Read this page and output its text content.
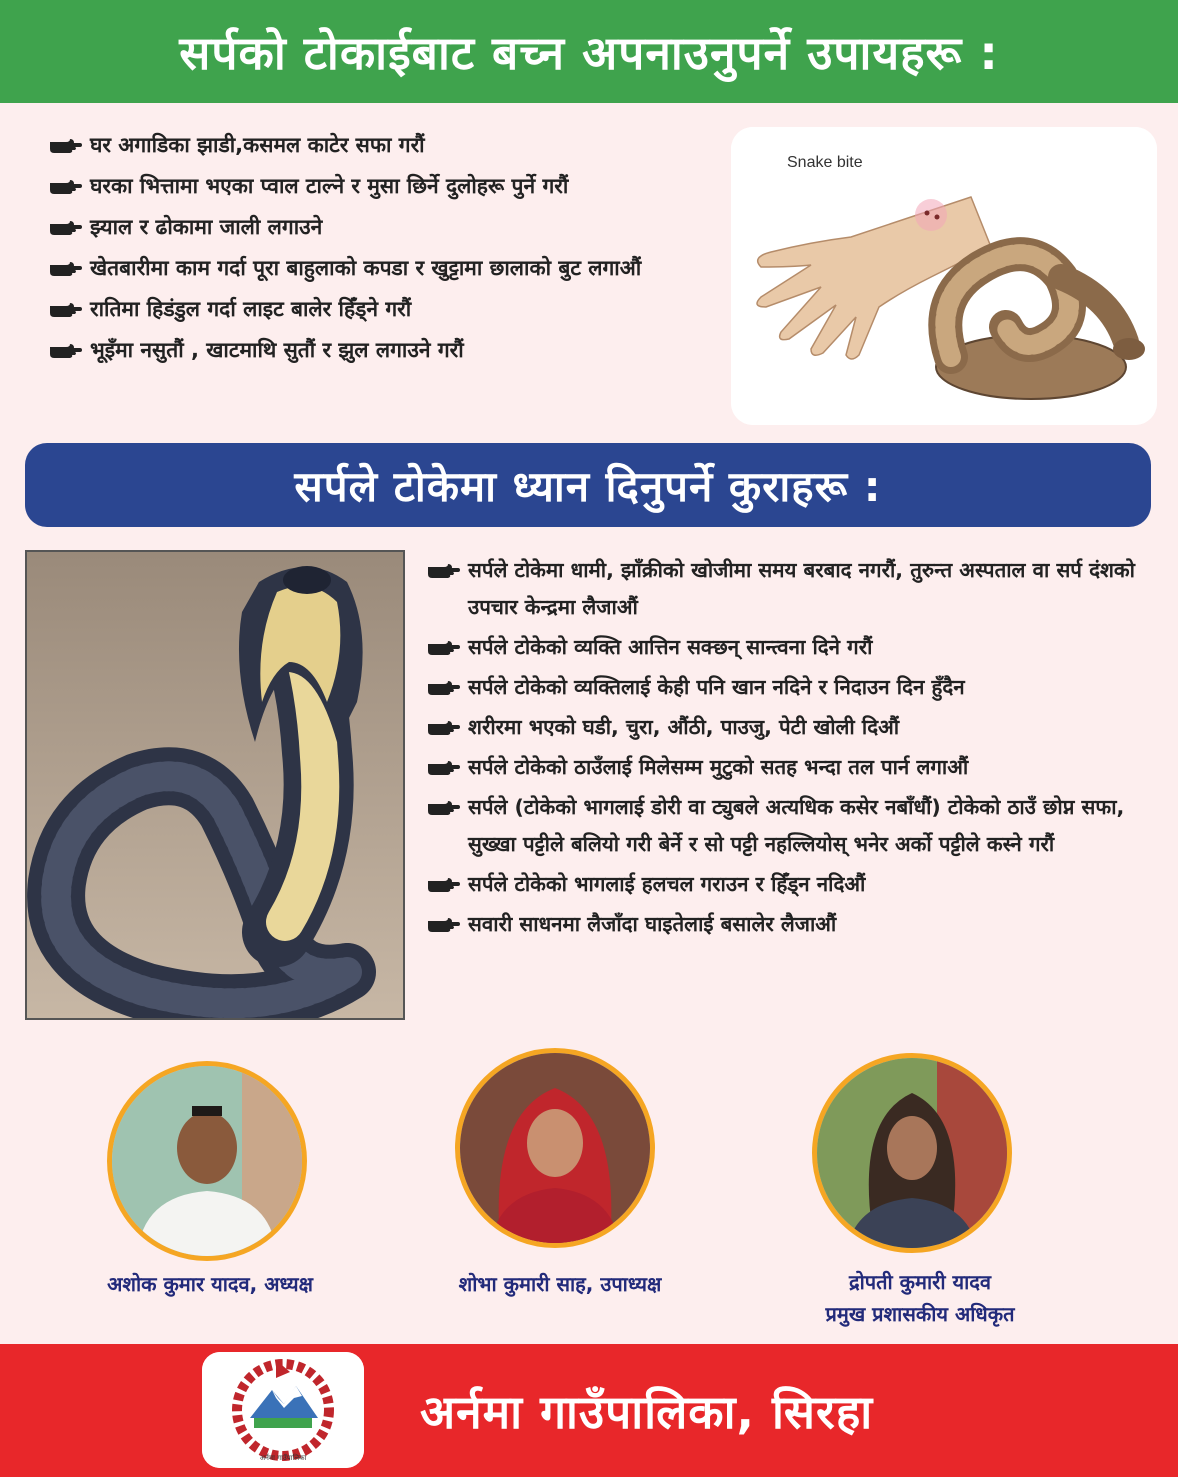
सर्पको टोकाईबाट बच्न अपनाउनुपर्ने उपायहरू :
घर अगाडिका झाडी,कसमल काटेर सफा गरौं
घरका भित्तामा भएका प्वाल टाल्ने र मुसा छिर्ने दुलोहरू पुर्ने गरौं
झ्याल र ढोकामा जाली लगाउने
खेतबारीमा काम गर्दा पूरा बाहुलाको कपडा र खुट्टामा छालाको बुट लगाऔं
रातिमा हिडंडुल गर्दा लाइट बालेर हिँड्ने गरौं
भूइँमा नसुतौं , खाटमाथि सुतौं र झुल लगाउने गरौं
Snake bite
सर्पले टोकेमा ध्यान दिनुपर्ने कुराहरू :
सर्पले टोकेमा धामी, झाँक्रीको खोजीमा समय बरबाद नगरौं, तुरुन्त अस्पताल वा सर्प दंशको उपचार केन्द्रमा लैजाऔं
सर्पले टोकेको व्यक्ति आत्तिन सक्छन् सान्त्वना दिने गरौं
सर्पले टोकेको व्यक्तिलाई केही पनि खान नदिने र निदाउन दिन हुँदैन
शरीरमा भएको घडी, चुरा, औंठी, पाउजु, पेटी खोली दिऔं
सर्पले टोकेको ठाउँलाई मिलेसम्म मुटुको सतह भन्दा तल पार्न लगाऔं
सर्पले (टोकेको भागलाई डोरी वा ट्युबले अत्यधिक कसेर नबाँधौं) टोकेको ठाउँ छोप्न सफा, सुख्खा पट्टीले बलियो गरी बेर्ने र सो पट्टी नहल्लियोस् भनेर अर्को पट्टीले कस्ने गरौं
सर्पले टोकेको भागलाई हलचल गराउन र हिँड्न नदिऔं
सवारी साधनमा लैजाँदा घाइतेलाई बसालेर लैजाऔं
अशोक कुमार यादव, अध्यक्ष	शोभा कुमारी साह, उपाध्यक्ष	द्रोपती कुमारी यादव
प्रमुख प्रशासकीय अधिकृत
अर्नमा गाउँपालिका
अर्नमा गाउँपालिका, सिरहा
